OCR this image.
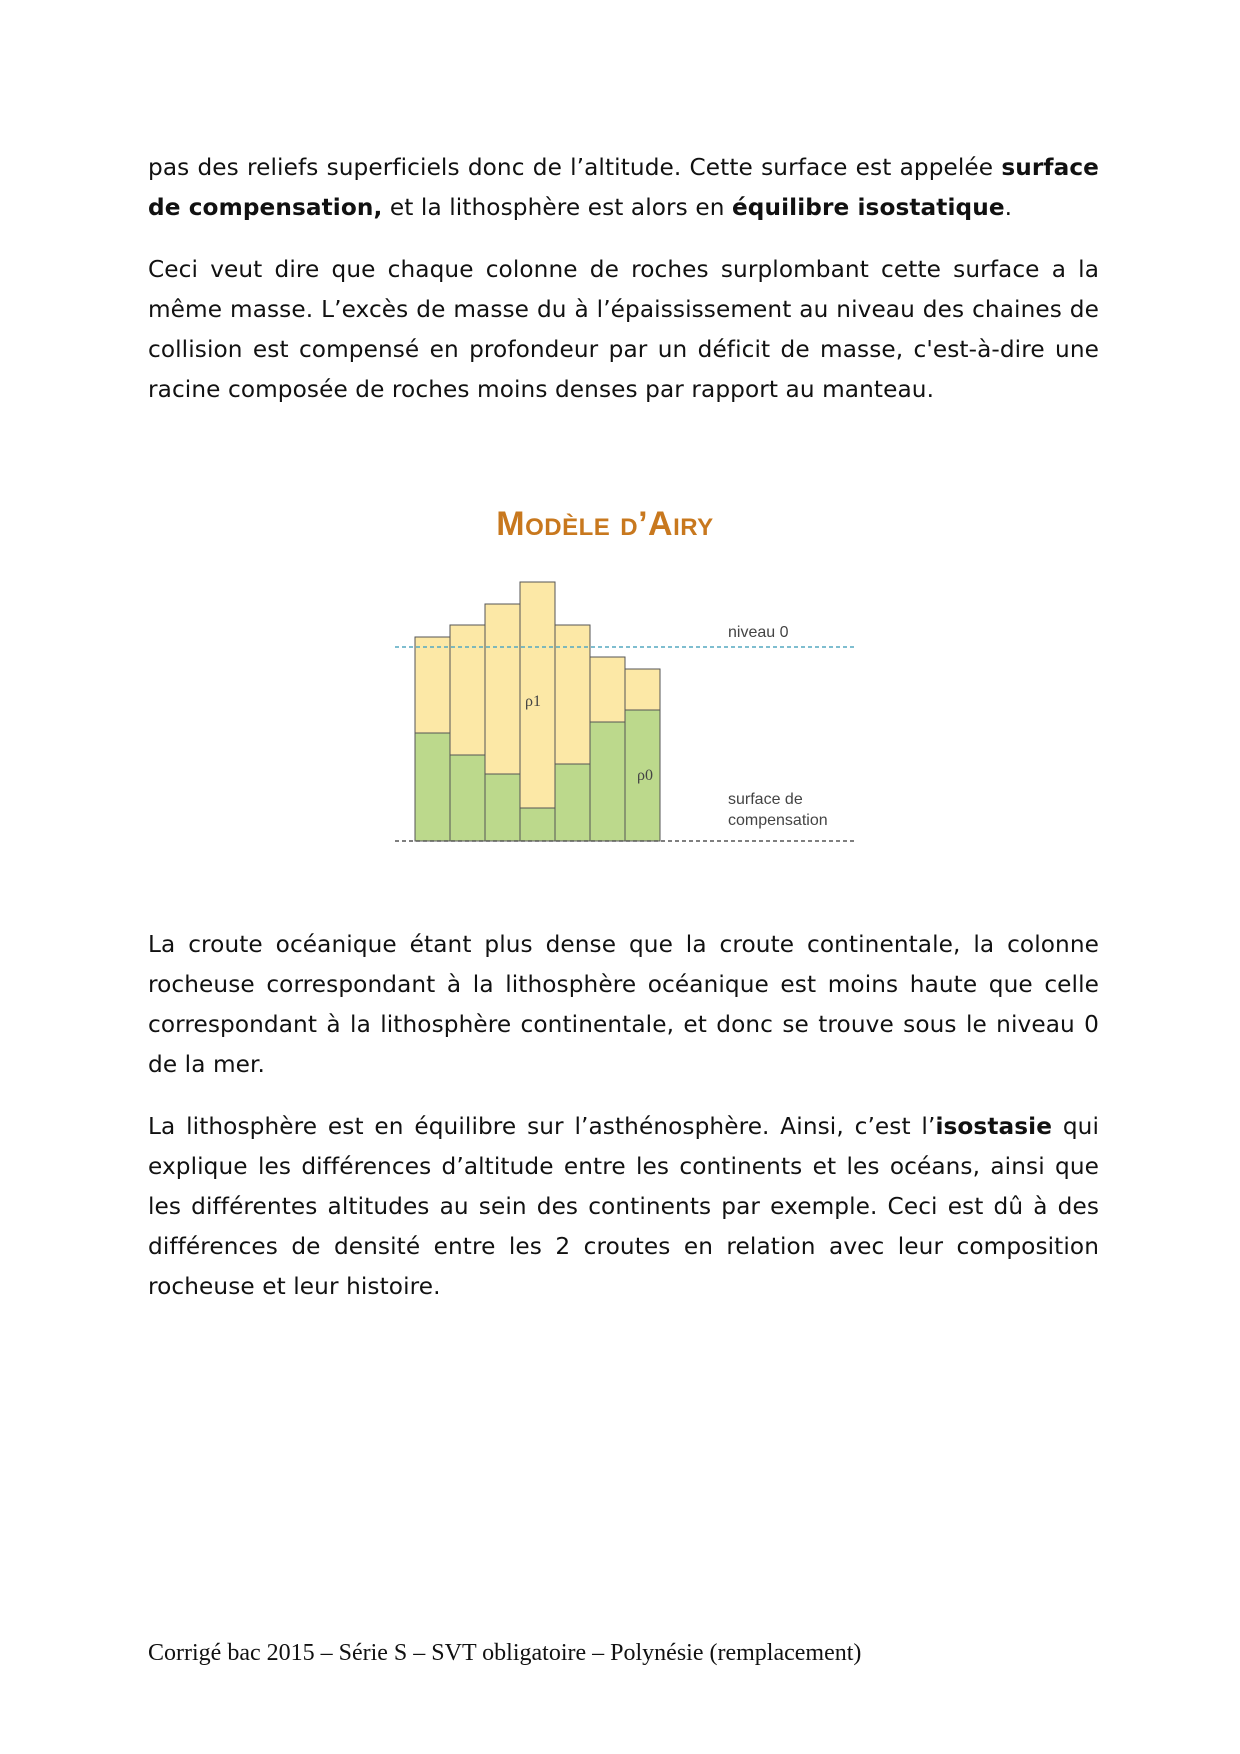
pas des reliefs superficiels donc de l’altitude. Cette surface est appelée surface de compensation, et la lithosphère est alors en équilibre isostatique.

Ceci veut dire que chaque colonne de roches surplombant cette surface a la même masse. L’excès de masse du à l’épaississement au niveau des chaines de collision est compensé en profondeur par un déficit de masse, c'est-à-dire une racine composée de roches moins denses par rapport au manteau.

Modèle d’Airy
niveau 0
ρ1
ρ0
surface de
compensation

La croute océanique étant plus dense que la croute continentale, la colonne rocheuse correspondant à la lithosphère océanique est moins haute que celle correspondant à la lithosphère continentale, et donc se trouve sous le niveau 0 de la mer.

La lithosphère est en équilibre sur l’asthénosphère. Ainsi, c’est l’isostasie qui explique les différences d’altitude entre les continents et les océans, ainsi que les différentes altitudes au sein des continents par exemple. Ceci est dû à des différences de densité entre les 2 croutes en relation avec leur composition rocheuse et leur histoire.

Corrigé bac 2015 – Série S – SVT obligatoire – Polynésie (remplacement)
